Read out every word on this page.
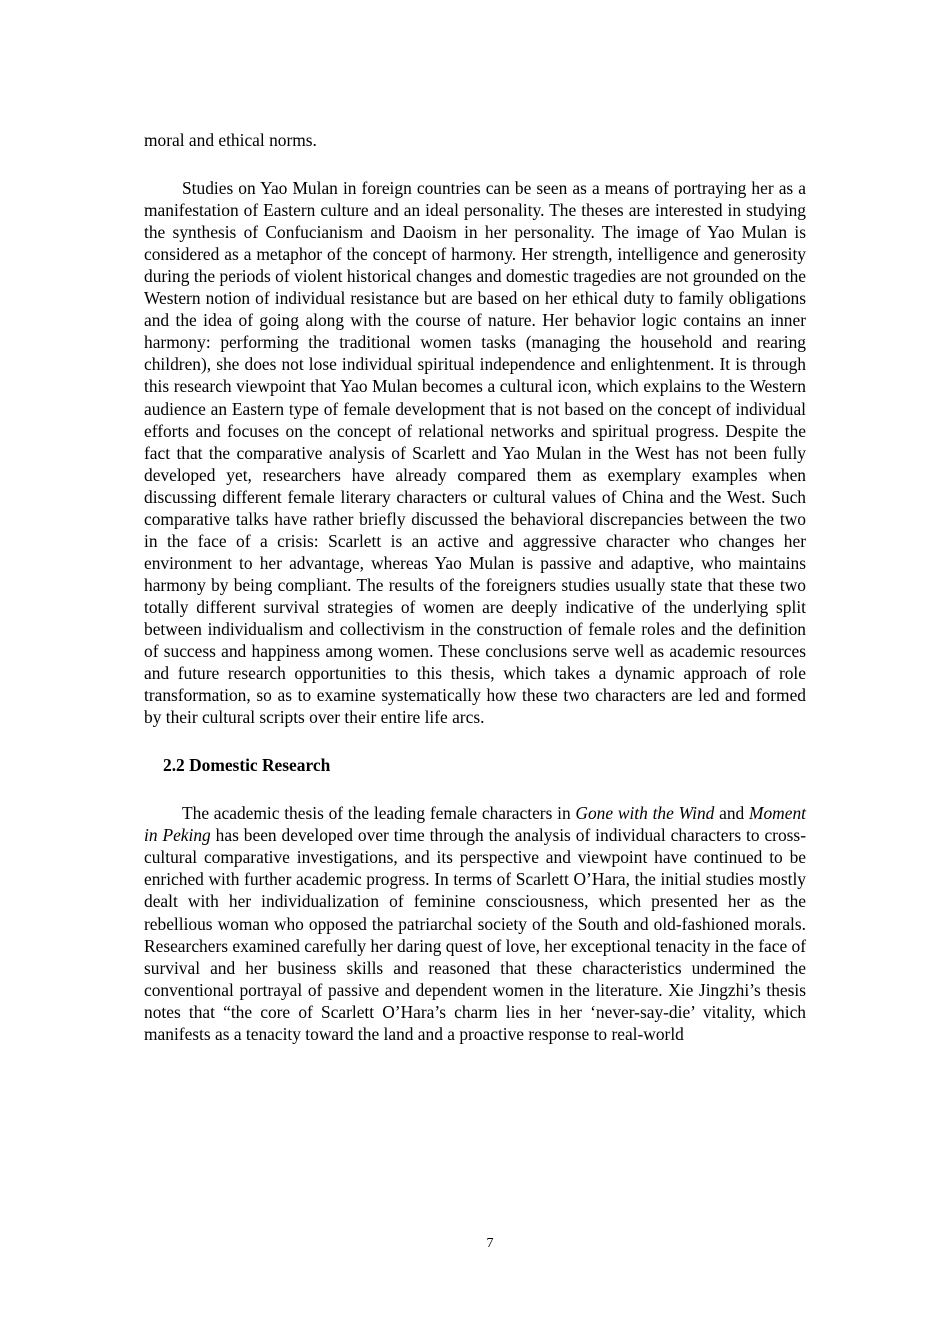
moral and ethical norms.

Studies on Yao Mulan in foreign countries can be seen as a means of portraying her as a manifestation of Eastern culture and an ideal personality. The theses are interested in studying the synthesis of Confucianism and Daoism in her personality. The image of Yao Mulan is considered as a metaphor of the concept of harmony. Her strength, intelligence and generosity during the periods of violent historical changes and domestic tragedies are not grounded on the Western notion of individual resistance but are based on her ethical duty to family obligations and the idea of going along with the course of nature. Her behavior logic contains an inner harmony: performing the traditional women tasks (managing the household and rearing children), she does not lose individual spiritual independence and enlightenment. It is through this research viewpoint that Yao Mulan becomes a cultural icon, which explains to the Western audience an Eastern type of female development that is not based on the concept of individual efforts and focuses on the concept of relational networks and spiritual progress. Despite the fact that the comparative analysis of Scarlett and Yao Mulan in the West has not been fully developed yet, researchers have already compared them as exemplary examples when discussing different female literary characters or cultural values of China and the West. Such comparative talks have rather briefly discussed the behavioral discrepancies between the two in the face of a crisis: Scarlett is an active and aggressive character who changes her environment to her advantage, whereas Yao Mulan is passive and adaptive, who maintains harmony by being compliant. The results of the foreigners studies usually state that these two totally different survival strategies of women are deeply indicative of the underlying split between individualism and collectivism in the construction of female roles and the definition of success and happiness among women. These conclusions serve well as academic resources and future research opportunities to this thesis, which takes a dynamic approach of role transformation, so as to examine systematically how these two characters are led and formed by their cultural scripts over their entire life arcs.

2.2 Domestic Research

The academic thesis of the leading female characters in Gone with the Wind and Moment in Peking has been developed over time through the analysis of individual characters to cross-cultural comparative investigations, and its perspective and viewpoint have continued to be enriched with further academic progress. In terms of Scarlett O’Hara, the initial studies mostly dealt with her individualization of feminine consciousness, which presented her as the rebellious woman who opposed the patriarchal society of the South and old-fashioned morals. Researchers examined carefully her daring quest of love, her exceptional tenacity in the face of survival and her business skills and reasoned that these characteristics undermined the conventional portrayal of passive and dependent women in the literature. Xie Jingzhi’s thesis notes that “the core of Scarlett O’Hara’s charm lies in her ‘never-say-die’ vitality, which manifests as a tenacity toward the land and a proactive response to real-world

7
